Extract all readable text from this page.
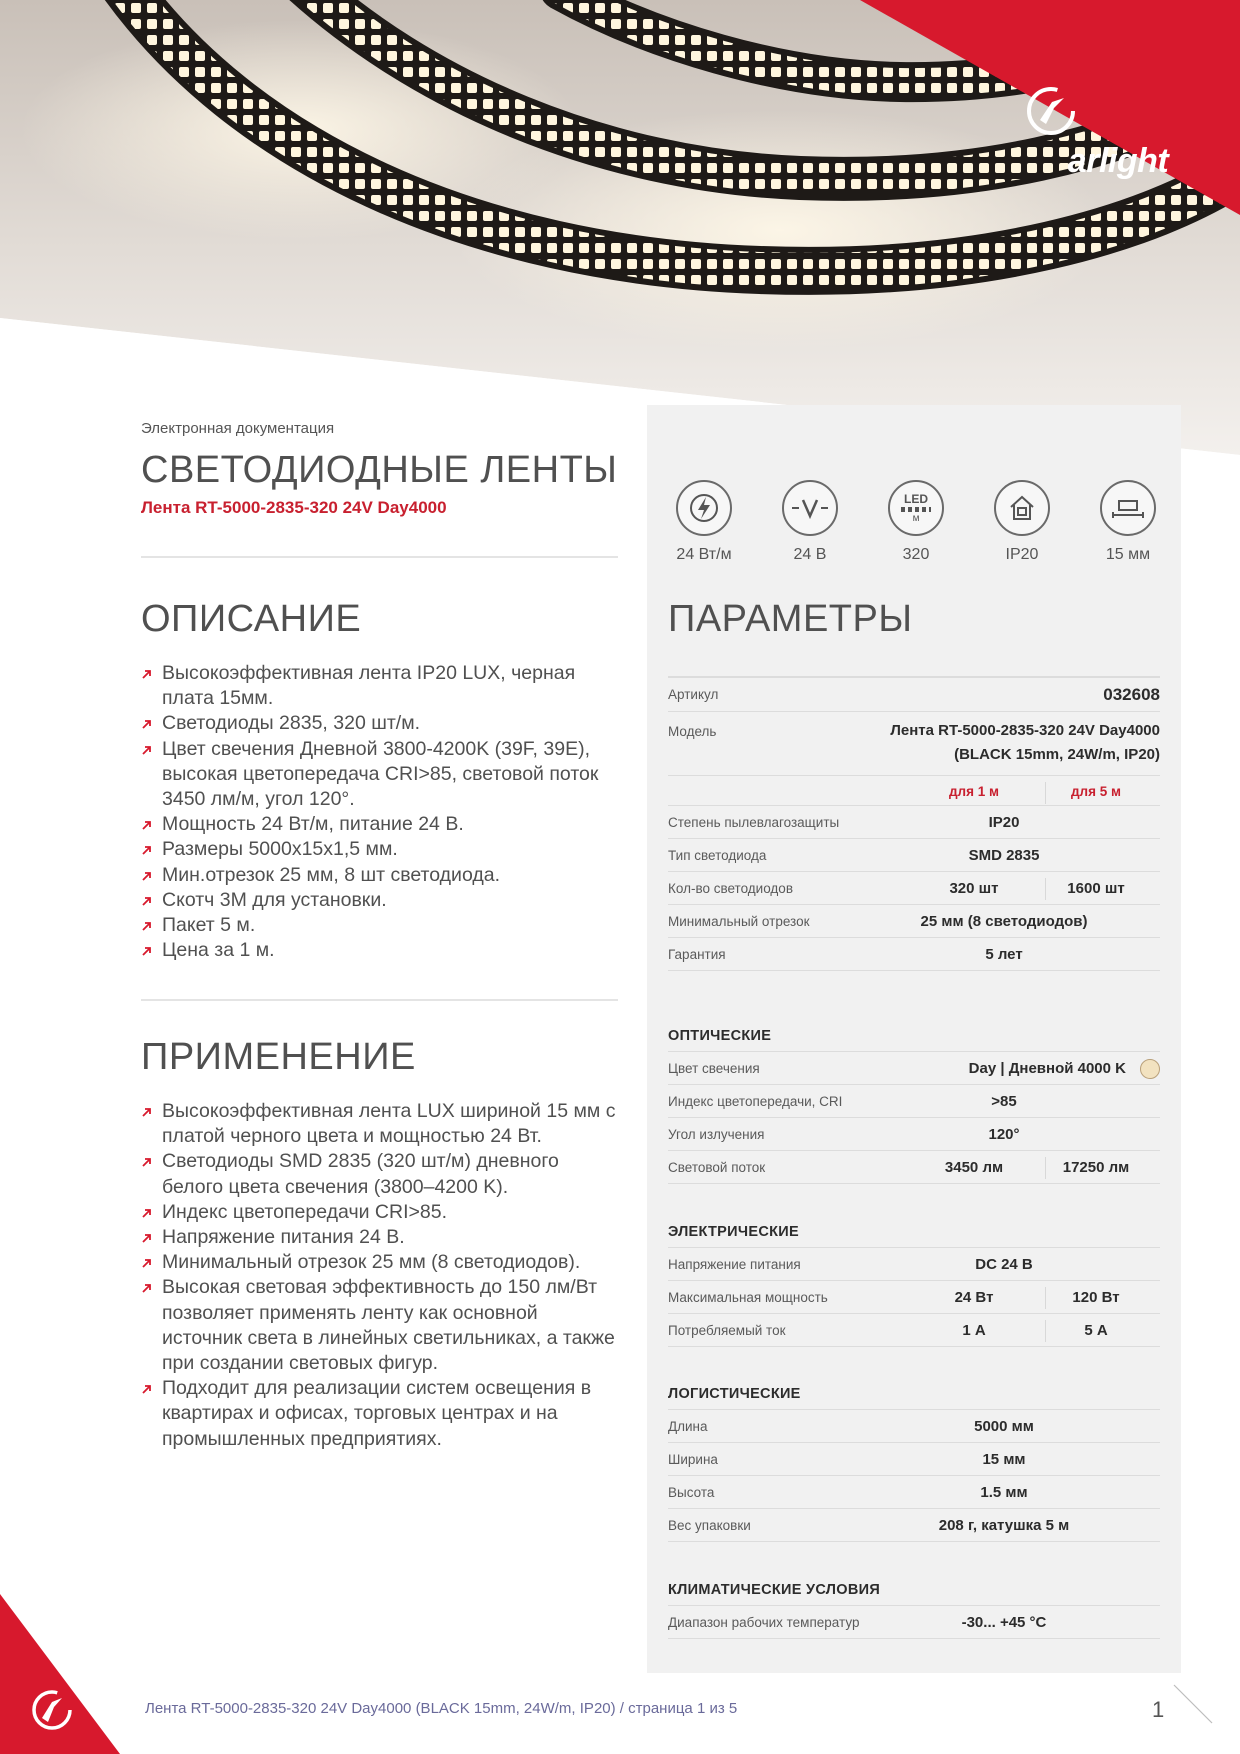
arlight
Электронная документация
СВЕТОДИОДНЫЕ ЛЕНТЫ
Лента RT-5000-2835-320 24V Day4000
ОПИСАНИЕ
Высокоэффективная лента IP20 LUX, черная плата 15мм.
Светодиоды 2835, 320 шт/м.
Цвет свечения Дневной 3800-4200K (39F, 39E), высокая цветопередача CRI>85, световой поток 3450 лм/м, угол 120°.
Мощность 24 Вт/м, питание 24 В.
Размеры 5000x15x1,5 мм.
Мин.отрезок 25 мм, 8 шт светодиода.
Скотч 3М для установки.
Пакет 5 м.
Цена за 1 м.
ПРИМЕНЕНИЕ
Высокоэффективная лента LUX шириной 15 мм с платой черного цвета и мощностью 24 Вт.
Светодиоды SMD 2835 (320 шт/м) дневного белого цвета свечения (3800–4200 K).
Индекс цветопередачи CRI>85.
Напряжение питания 24 В.
Минимальный отрезок 25 мм (8 светодиодов).
Высокая световая эффективность до 150 лм/Вт позволяет применять ленту как основной источник света в линейных светильниках, а также при создании световых фигур.
Подходит для реализации систем освещения в квартирах и офисах, торговых центрах и на промышленных предприятиях.
24 Вт/м	24 В
LED
м
320	IP20	15 мм
ПАРАМЕТРЫ
Артикул	032608
Модель	Лента RT-5000-2835-320 24V Day4000
(BLACK 15mm, 24W/m, IP20)
для 1 м	для 5 м
Степень пылевлагозащиты	IP20
Тип светодиода	SMD 2835
Кол-во светодиодов	320 шт	1600 шт
Минимальный отрезок	25 мм (8 светодиодов)
Гарантия	5 лет
ОПТИЧЕСКИЕ
Цвет свечения	Day | Дневной 4000 K
Индекс цветопередачи, CRI	>85
Угол излучения	120°
Световой поток	3450 лм	17250 лм
ЭЛЕКТРИЧЕСКИЕ
Напряжение питания	DC 24 В
Максимальная мощность	24 Вт	120 Вт
Потребляемый ток	1 А	5 А
ЛОГИСТИЧЕСКИЕ
Длина	5000 мм
Ширина	15 мм
Высота	1.5 мм
Вес упаковки	208 г, катушка 5 м
КЛИМАТИЧЕСКИЕ УСЛОВИЯ
Диапазон рабочих температур	-30... +45 °С
Лента RT-5000-2835-320 24V Day4000 (BLACK 15mm, 24W/m, IP20) / страница 1 из 5	1
